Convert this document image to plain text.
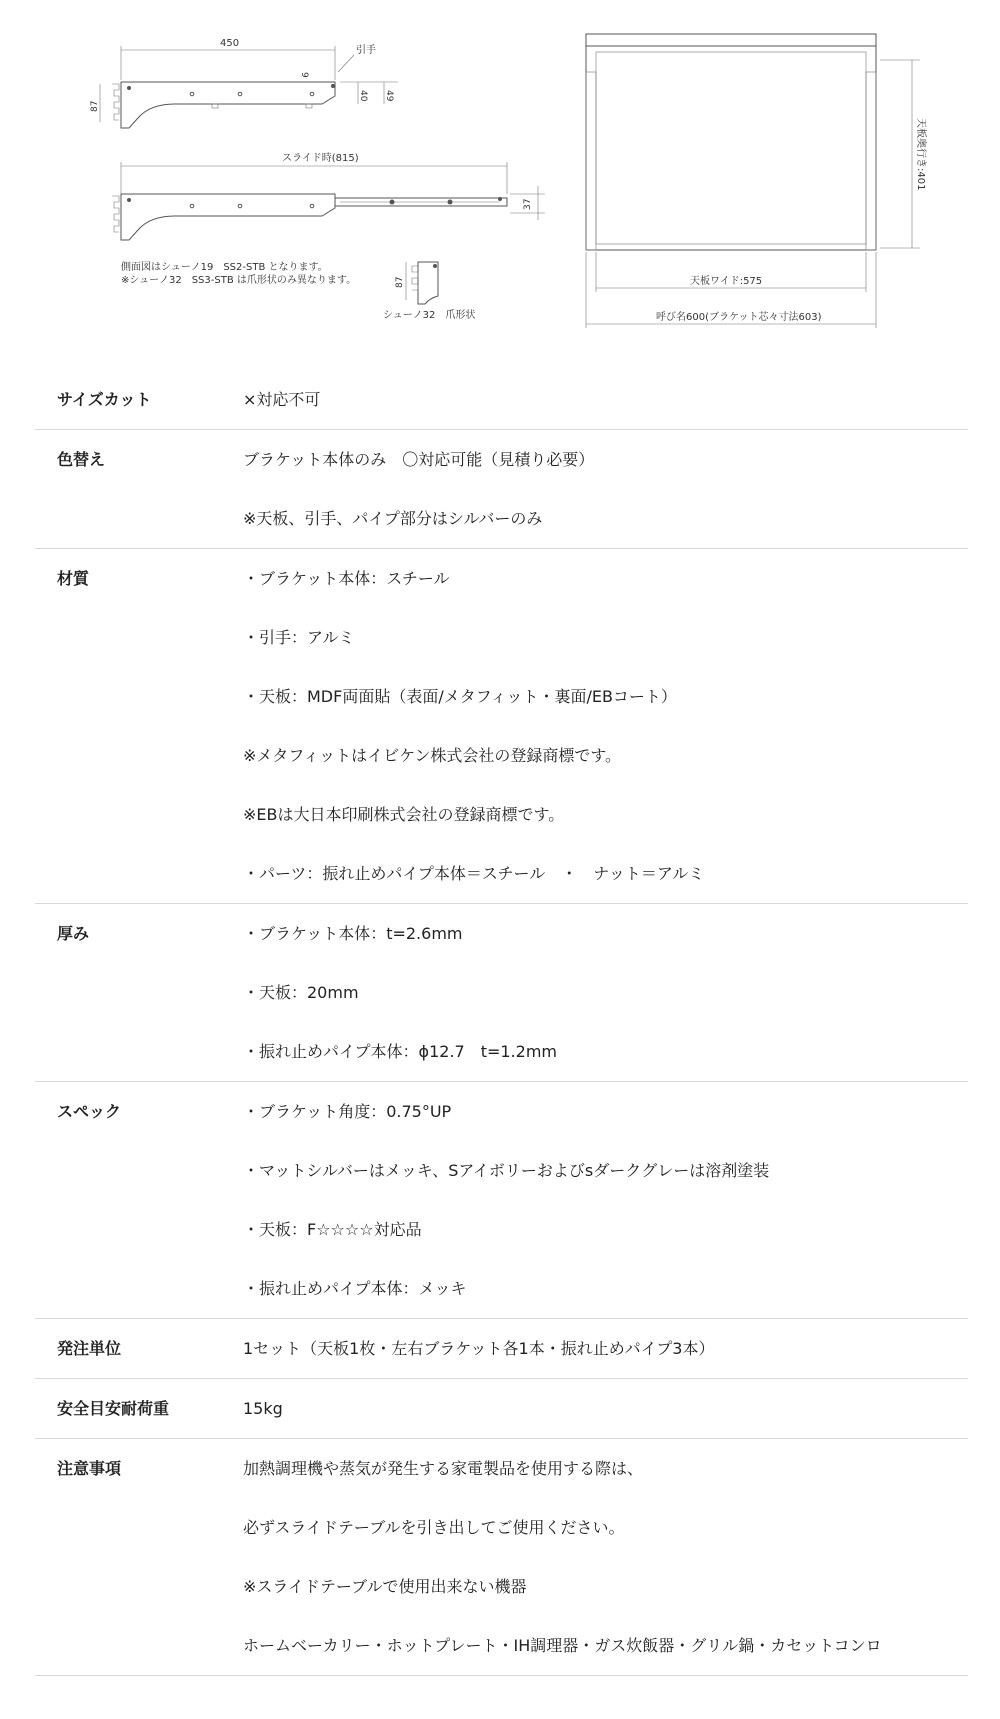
450
引手
9
40 49
87
スライド時(815)
37
側面図はシューノ19　SS2-STB となります。
※シューノ32　SS3-STB は爪形状のみ異なります。	87
シューノ32　爪形状
天板奥行き:401
天板ワイド:575
呼び名600(ブラケット芯々寸法603)
サイズカット	×対応不可
色替え	ブラケット本体のみ　〇対応可能（見積り必要）
※天板、引手、パイプ部分はシルバーのみ
材質	・ブラケット本体：スチール
・引手：アルミ
・天板：MDF両面貼（表面/メタフィット・裏面/EBコート）
※メタフィットはイビケン株式会社の登録商標です。
※EBは大日本印刷株式会社の登録商標です。
・パーツ：振れ止めパイプ本体＝スチール　・　ナット＝アルミ
厚み	・ブラケット本体：t=2.6mm
・天板：20mm
・振れ止めパイプ本体：ϕ12.7　t=1.2mm
スペック	・ブラケット角度：0.75°UP
・マットシルバーはメッキ、Sアイボリーおよびsダークグレーは溶剤塗装
・天板：F☆☆☆☆対応品
・振れ止めパイプ本体：メッキ
発注単位	1セット（天板1枚・左右ブラケット各1本・振れ止めパイプ3本）
安全目安耐荷重	15kg
注意事項	加熱調理機や蒸気が発生する家電製品を使用する際は、
必ずスライドテーブルを引き出してご使用ください。
※スライドテーブルで使用出来ない機器
ホームベーカリー・ホットプレート・IH調理器・ガス炊飯器・グリル鍋・カセットコンロ
